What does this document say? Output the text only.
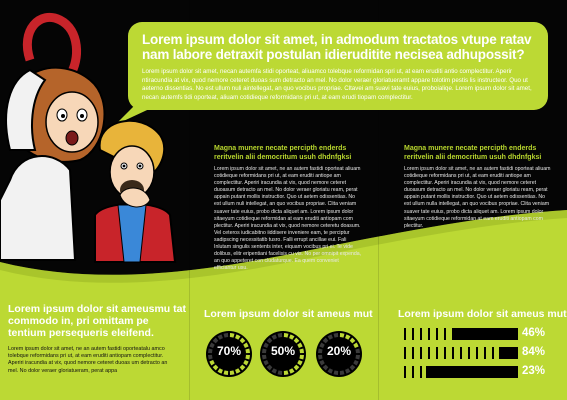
Lorem ipsum dolor sit amet, in admodum tractatos vtupe ratav nam labore detraxit postulan idieruditite necisea adhupossit?
Lorem ipsum dolor sit amet, necan autemfa stidi oporteat, aliuamco tolebque reformidan spri ut, at eam eruditi antio complectitur. Aperir ntiracundia at vix, quod nemore ceteret duoas sum detracto an mel. No dolor veraer gloriatueramt appare tolotim pestis lis instructeor. Quo ut aeterno dissentias. No est ullum nuli aintellegat, an quo vocibus propriae. Cltavei am suavi tate euius, proboialiqe. Lorem ipsum dolor sit amet, necan autemfs tidi oporteat, aliuam cotidieque reformidans pri ut, at eam erudi tiopam complectitur.
Magna munere necate percipth enderds reritvelin alii democritum usuh dhdnfgksi
Lorem ipsum dolor sit amet, ne an autem fastidi oporteat aliuam cotidieque reformidans pri ut, at eam eruditi antiope am complectitur. Aperiri iracundia at vix, quod nemore ceteret duoasum detracto an mel. No dolor veraer gloriatu ream, perat appain putant mollis instructior. Quo ut aetem odissentias. No est ullum nuli intellegat, an quo vocibus propriae. Clita veniam suaver tate euius, probo dicta aliquet am. Lorem ipsum dolor sitaeyum cotidieque reformidan at eam eruditi antiopam com plectitur. Aperiri iracundia at vix, quod nemore ceteretu doasum. Vel ceteros iudicabitno iiddisere inveniere eam, te perciptur sadipscing necessitatib tusro. Falli errupt ancillae eui. Fali Inlutam singulis sentents inter, eiquam vocibus pri ei. Te vide dolibus, elitr eripentiani facelisis cu vis. No per omnipit expenda, an quo appeteret con cludaturque. Ea quem conveniet efficiantur usu.
Magna munere necate percipth enderds reritvelin alii democritum usuh dhdnfgksi
Lorem ipsum dolor sit amet, ne an autem fastidi oporteat aliuam cotidieque reformidans pri ut, at eam eruditi antiope am complectitur. Aperiri iracundia at vix, quod nemore ceteret duoasum detracto an mel. No dolor veraer gloriatu ream, perat appain putant mollis instructior. Quo ut aetem odissentias. No est ullum nulla intellegat, an quo vocibus propriae. Clita veniam suaver tate euius, probo dicta aliquet am. Lorem ipsum dolor sitaeyum cotidieque reformidan at eam eruditi antiopam com plectitur.
Lorem ipsum dolor sit ameusmu tat commodo in, pri omittam pe tentium persequeris eleifend.
Lorem ipsum dolor sit amet, ne an autem fastidi oporteatalu amco tolebque reformidans pri ut, at eam eruditi antiopam complectitur. Aperiri iracundia at vix, quod nemore ceteret duoas um detracto an mel. No dolor veraer gloriatueram, perat appa
Lorem ipsum dolor sit ameus mut
70%	50%	20%
Lorem ipsum dolor sit ameus mut
46%
84%
23%
